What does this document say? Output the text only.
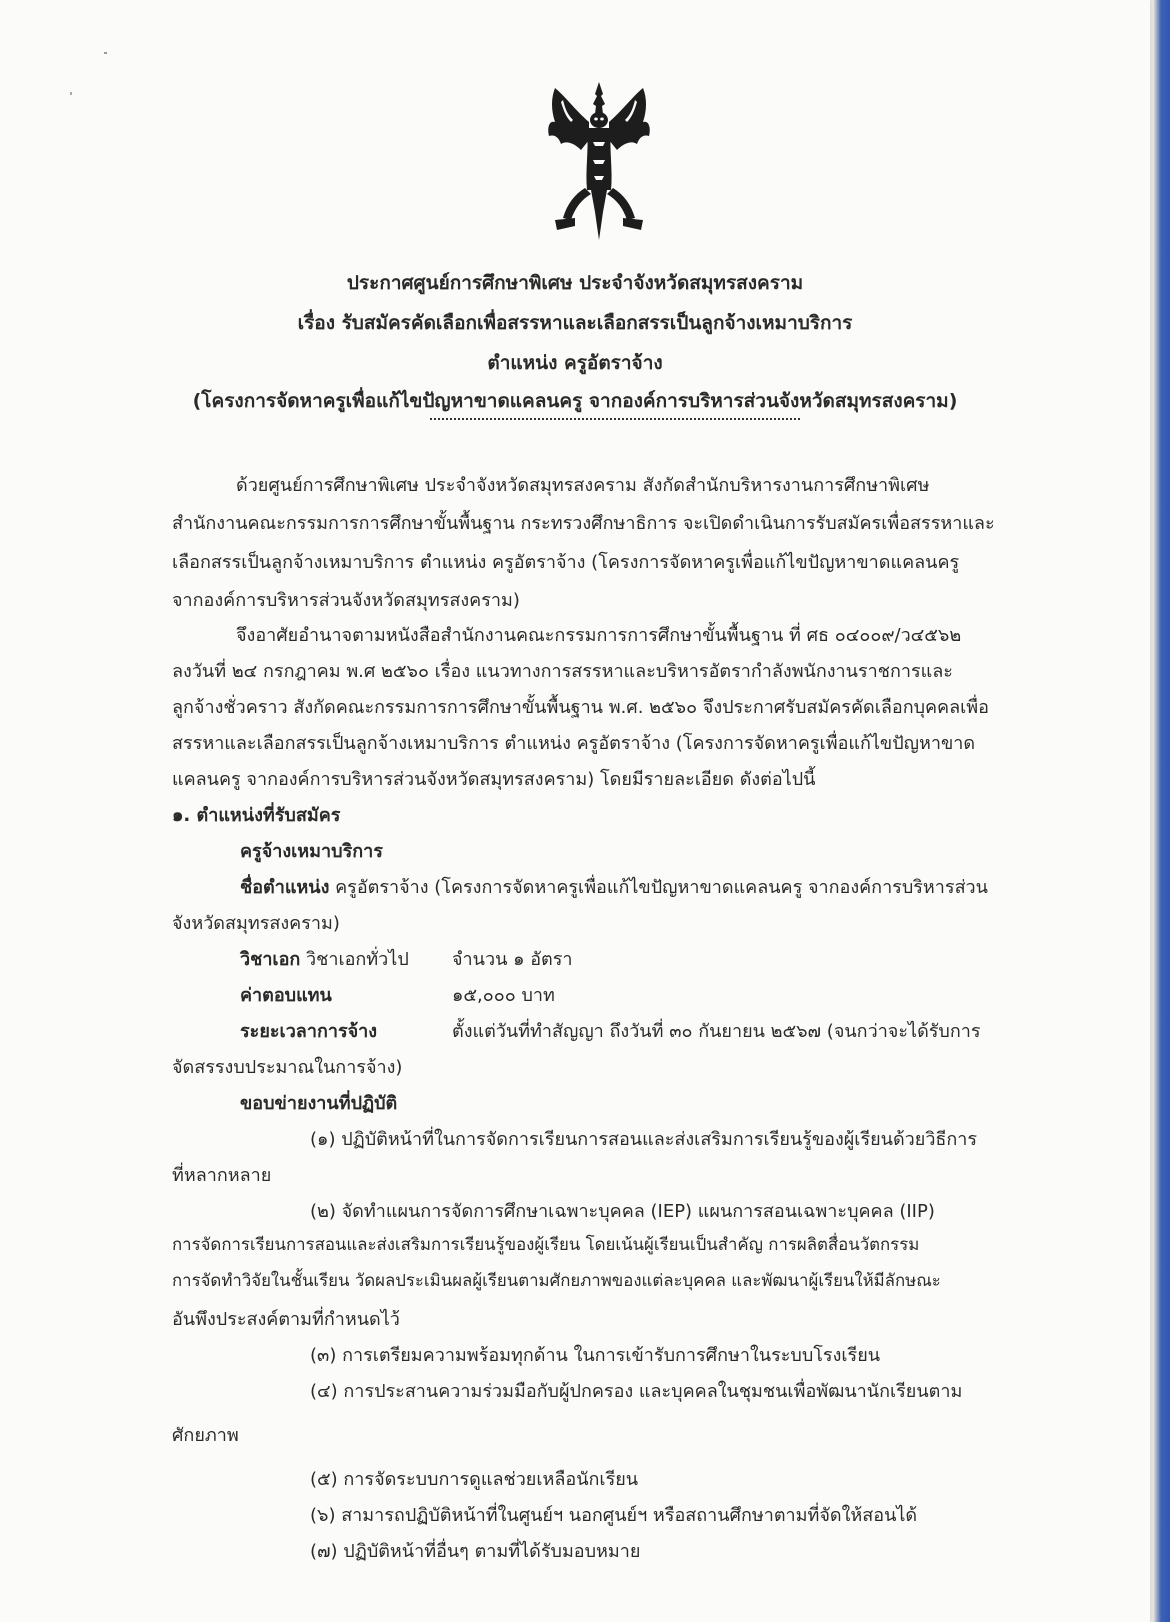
ประกาศศูนย์การศึกษาพิเศษ ประจำจังหวัดสมุทรสงคราม
เรื่อง รับสมัครคัดเลือกเพื่อสรรหาและเลือกสรรเป็นลูกจ้างเหมาบริการ
ตำแหน่ง ครูอัตราจ้าง
(โครงการจัดหาครูเพื่อแก้ไขปัญหาขาดแคลนครู จากองค์การบริหารส่วนจังหวัดสมุทรสงคราม)
ด้วยศูนย์การศึกษาพิเศษ ประจำจังหวัดสมุทรสงคราม สังกัดสำนักบริหารงานการศึกษาพิเศษ
สำนักงานคณะกรรมการการศึกษาขั้นพื้นฐาน กระทรวงศึกษาธิการ จะเปิดดำเนินการรับสมัครเพื่อสรรหาและ
เลือกสรรเป็นลูกจ้างเหมาบริการ ตำแหน่ง ครูอัตราจ้าง (โครงการจัดหาครูเพื่อแก้ไขปัญหาขาดแคลนครู
จากองค์การบริหารส่วนจังหวัดสมุทรสงคราม)
จึงอาศัยอำนาจตามหนังสือสำนักงานคณะกรรมการการศึกษาขั้นพื้นฐาน ที่ ศธ ๐๔๐๐๙/ว๔๕๖๒
ลงวันที่ ๒๔ กรกฎาคม พ.ศ ๒๕๖๐ เรื่อง แนวทางการสรรหาและบริหารอัตรากำลังพนักงานราชการและ
ลูกจ้างชั่วคราว สังกัดคณะกรรมการการศึกษาขั้นพื้นฐาน พ.ศ. ๒๕๖๐ จึงประกาศรับสมัครคัดเลือกบุคคลเพื่อ
สรรหาและเลือกสรรเป็นลูกจ้างเหมาบริการ ตำแหน่ง ครูอัตราจ้าง (โครงการจัดหาครูเพื่อแก้ไขปัญหาขาด
แคลนครู จากองค์การบริหารส่วนจังหวัดสมุทรสงคราม) โดยมีรายละเอียด ดังต่อไปนี้
๑. ตำแหน่งที่รับสมัคร
ครูจ้างเหมาบริการ
ชื่อตำแหน่ง ครูอัตราจ้าง (โครงการจัดหาครูเพื่อแก้ไขปัญหาขาดแคลนครู จากองค์การบริหารส่วน
จังหวัดสมุทรสงคราม)
วิชาเอก วิชาเอกทั่วไป จำนวน ๑ อัตรา
ค่าตอบแทน	๑๕,๐๐๐ บาท
ระยะเวลาการจ้าง	ตั้งแต่วันที่ทำสัญญา ถึงวันที่ ๓๐ กันยายน ๒๕๖๗ (จนกว่าจะได้รับการ
จัดสรรงบประมาณในการจ้าง)
ขอบข่ายงานที่ปฏิบัติ
(๑) ปฏิบัติหน้าที่ในการจัดการเรียนการสอนและส่งเสริมการเรียนรู้ของผู้เรียนด้วยวิธีการ
ที่หลากหลาย
(๒) จัดทำแผนการจัดการศึกษาเฉพาะบุคคล (IEP) แผนการสอนเฉพาะบุคคล (IIP)
การจัดการเรียนการสอนและส่งเสริมการเรียนรู้ของผู้เรียน โดยเน้นผู้เรียนเป็นสำคัญ การผลิตสื่อนวัตกรรม
การจัดทำวิจัยในชั้นเรียน วัดผลประเมินผลผู้เรียนตามศักยภาพของแต่ละบุคคล และพัฒนาผู้เรียนให้มีลักษณะ
อันพึงประสงค์ตามที่กำหนดไว้
(๓) การเตรียมความพร้อมทุกด้าน ในการเข้ารับการศึกษาในระบบโรงเรียน
(๔) การประสานความร่วมมือกับผู้ปกครอง และบุคคลในชุมชนเพื่อพัฒนานักเรียนตาม
ศักยภาพ
(๕) การจัดระบบการดูแลช่วยเหลือนักเรียน
(๖) สามารถปฏิบัติหน้าที่ในศูนย์ฯ นอกศูนย์ฯ หรือสถานศึกษาตามที่จัดให้สอนได้
(๗) ปฏิบัติหน้าที่อื่นๆ ตามที่ได้รับมอบหมาย
